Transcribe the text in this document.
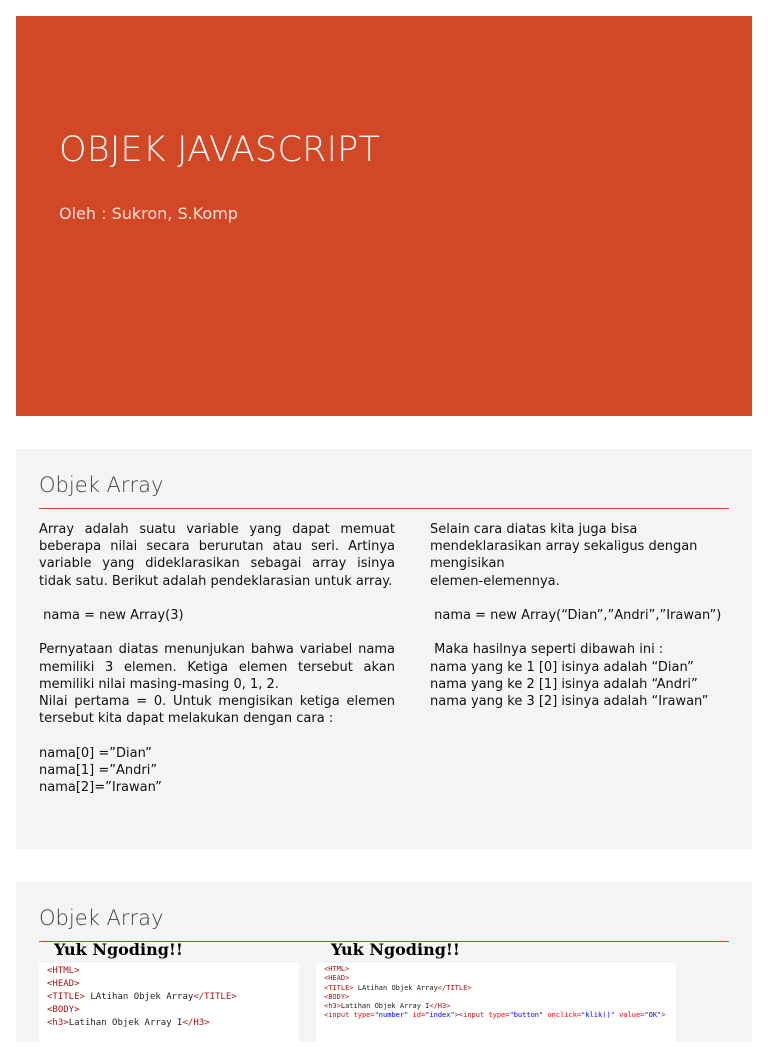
OBJEK JAVASCRIPT
Oleh : Sukron, S.Komp
Objek Array

Array adalah suatu variable yang dapat memuat beberapa nilai secara berurutan atau seri. Artinya variable yang dideklarasikan sebagai array isinya tidak satu. Berikut adalah pendeklarasian untuk array.

nama = new Array(3)

Pernyataan diatas menunjukan bahwa variabel nama memiliki 3 elemen. Ketiga elemen tersebut akan memiliki nilai masing-masing 0, 1, 2.
Nilai pertama = 0. Untuk mengisikan ketiga elemen tersebut kita dapat melakukan dengan cara :

nama[0] =”Dian”
nama[1] =”Andri”
nama[2]=”Irawan”

Selain cara diatas kita juga bisa mendeklarasikan array sekaligus dengan mengisikan
elemen-elemennya.

nama = new Array(“Dian”,”Andri”,”Irawan”)

Maka hasilnya seperti dibawah ini :
nama yang ke 1 [0] isinya adalah “Dian”
nama yang ke 2 [1] isinya adalah “Andri”
nama yang ke 3 [2] isinya adalah “Irawan”

Objek Array
Yuk Ngoding!!
<HTML>
<HEAD>
<TITLE> LAtihan Objek Array</TITLE>
<BODY>
<h3>Latihan Objek Array I</H3>
Yuk Ngoding!!
<HTML>
<HEAD>
<TITLE> LAtihan Objek Array</TITLE>
<BODY>
<h3>Latihan Objek Array I</H3>
<input type="number" id="index"><input type="button" onclick="klik()" value="OK">
